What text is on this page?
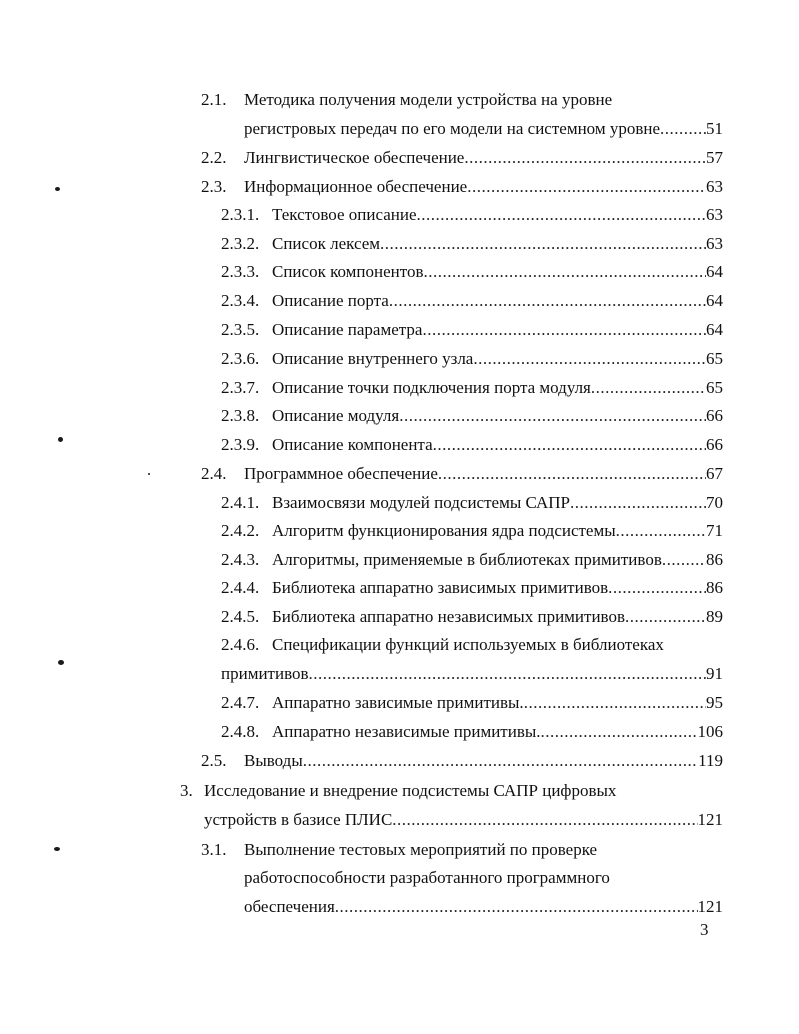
2.1. Методика получения модели устройства на уровне
регистровых передач по его модели на системном уровне .....	51
2.2. Лингвистическое обеспечение .....	57
2.3. Информационное обеспечение .....	63
2.3.1. Текстовое описание .....	63
2.3.2. Список лексем .....	63
2.3.3. Список компонентов .....	64
2.3.4. Описание порта .....	64
2.3.5. Описание параметра .....	64
2.3.6. Описание внутреннего узла .....	65
2.3.7. Описание точки подключения порта модуля .....	65
2.3.8. Описание модуля .....	66
2.3.9. Описание компонента .....	66
2.4. Программное обеспечение .....	67
2.4.1. Взаимосвязи модулей подсистемы САПР .....	70
2.4.2. Алгоритм функционирования ядра подсистемы .....	71
2.4.3. Алгоритмы, применяемые в библиотеках примитивов .....	86
2.4.4. Библиотека аппаратно зависимых примитивов .....	86
2.4.5. Библиотека аппаратно независимых примитивов .....	89
2.4.6. Спецификации функций используемых в библиотеках
примитивов .....	91
2.4.7. Аппаратно зависимые примитивы. .....	95
2.4.8. Аппаратно независимые примитивы. .....	106
2.5. Выводы .....	119
3. Исследование и внедрение подсистемы САПР цифровых
устройств в базисе ПЛИС .....	121
3.1. Выполнение тестовых мероприятий по проверке
работоспособности разработанного программного
обеспечения .....	121
3
